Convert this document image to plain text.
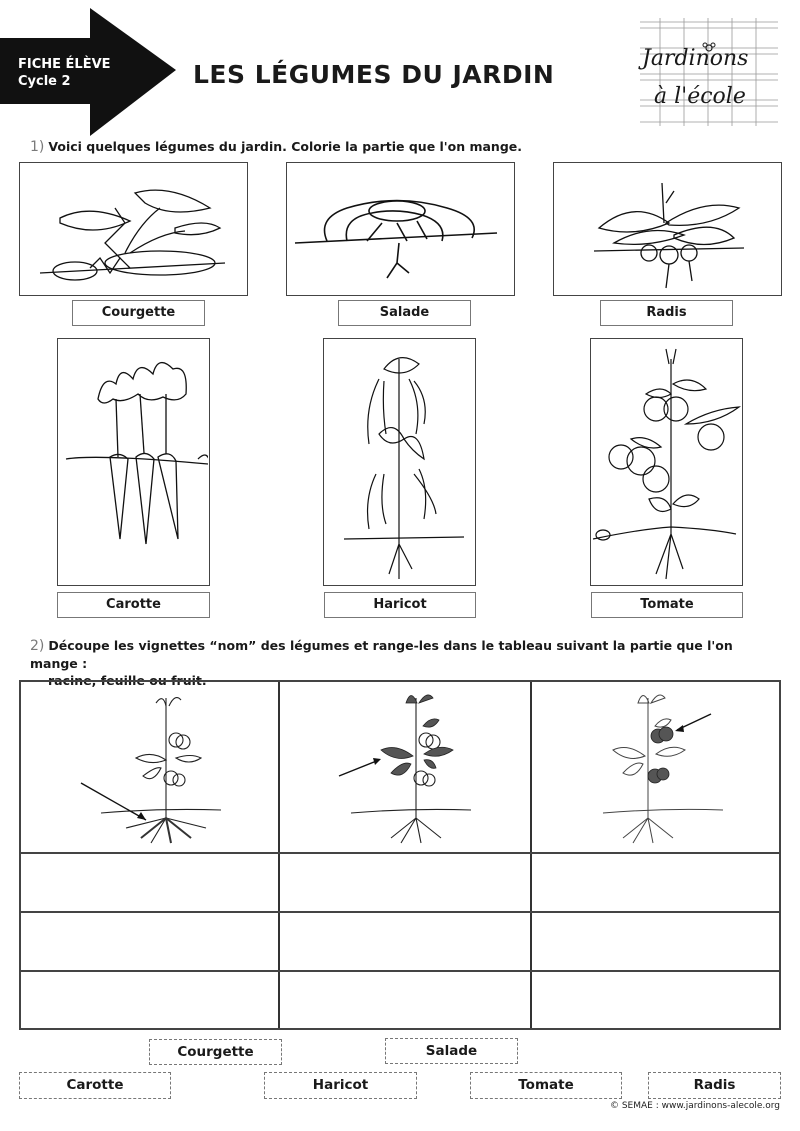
FICHE ÉLÈVE
Cycle 2	LES LÉGUMES DU JARDIN
Jardinons
à l'école
1) Voici quelques légumes du jardin. Colorie la partie que l'on mange.
Courgette	Salade	Radis
Carotte	Haricot	Tomate
2) Découpe les vignettes “nom” des légumes et range-les dans le tableau suivant la partie que l'on mange :
racine, feuille ou fruit.
Courgette	Salade
Carotte	Haricot	Tomate	Radis
© SEMAE : www.jardinons-alecole.org
